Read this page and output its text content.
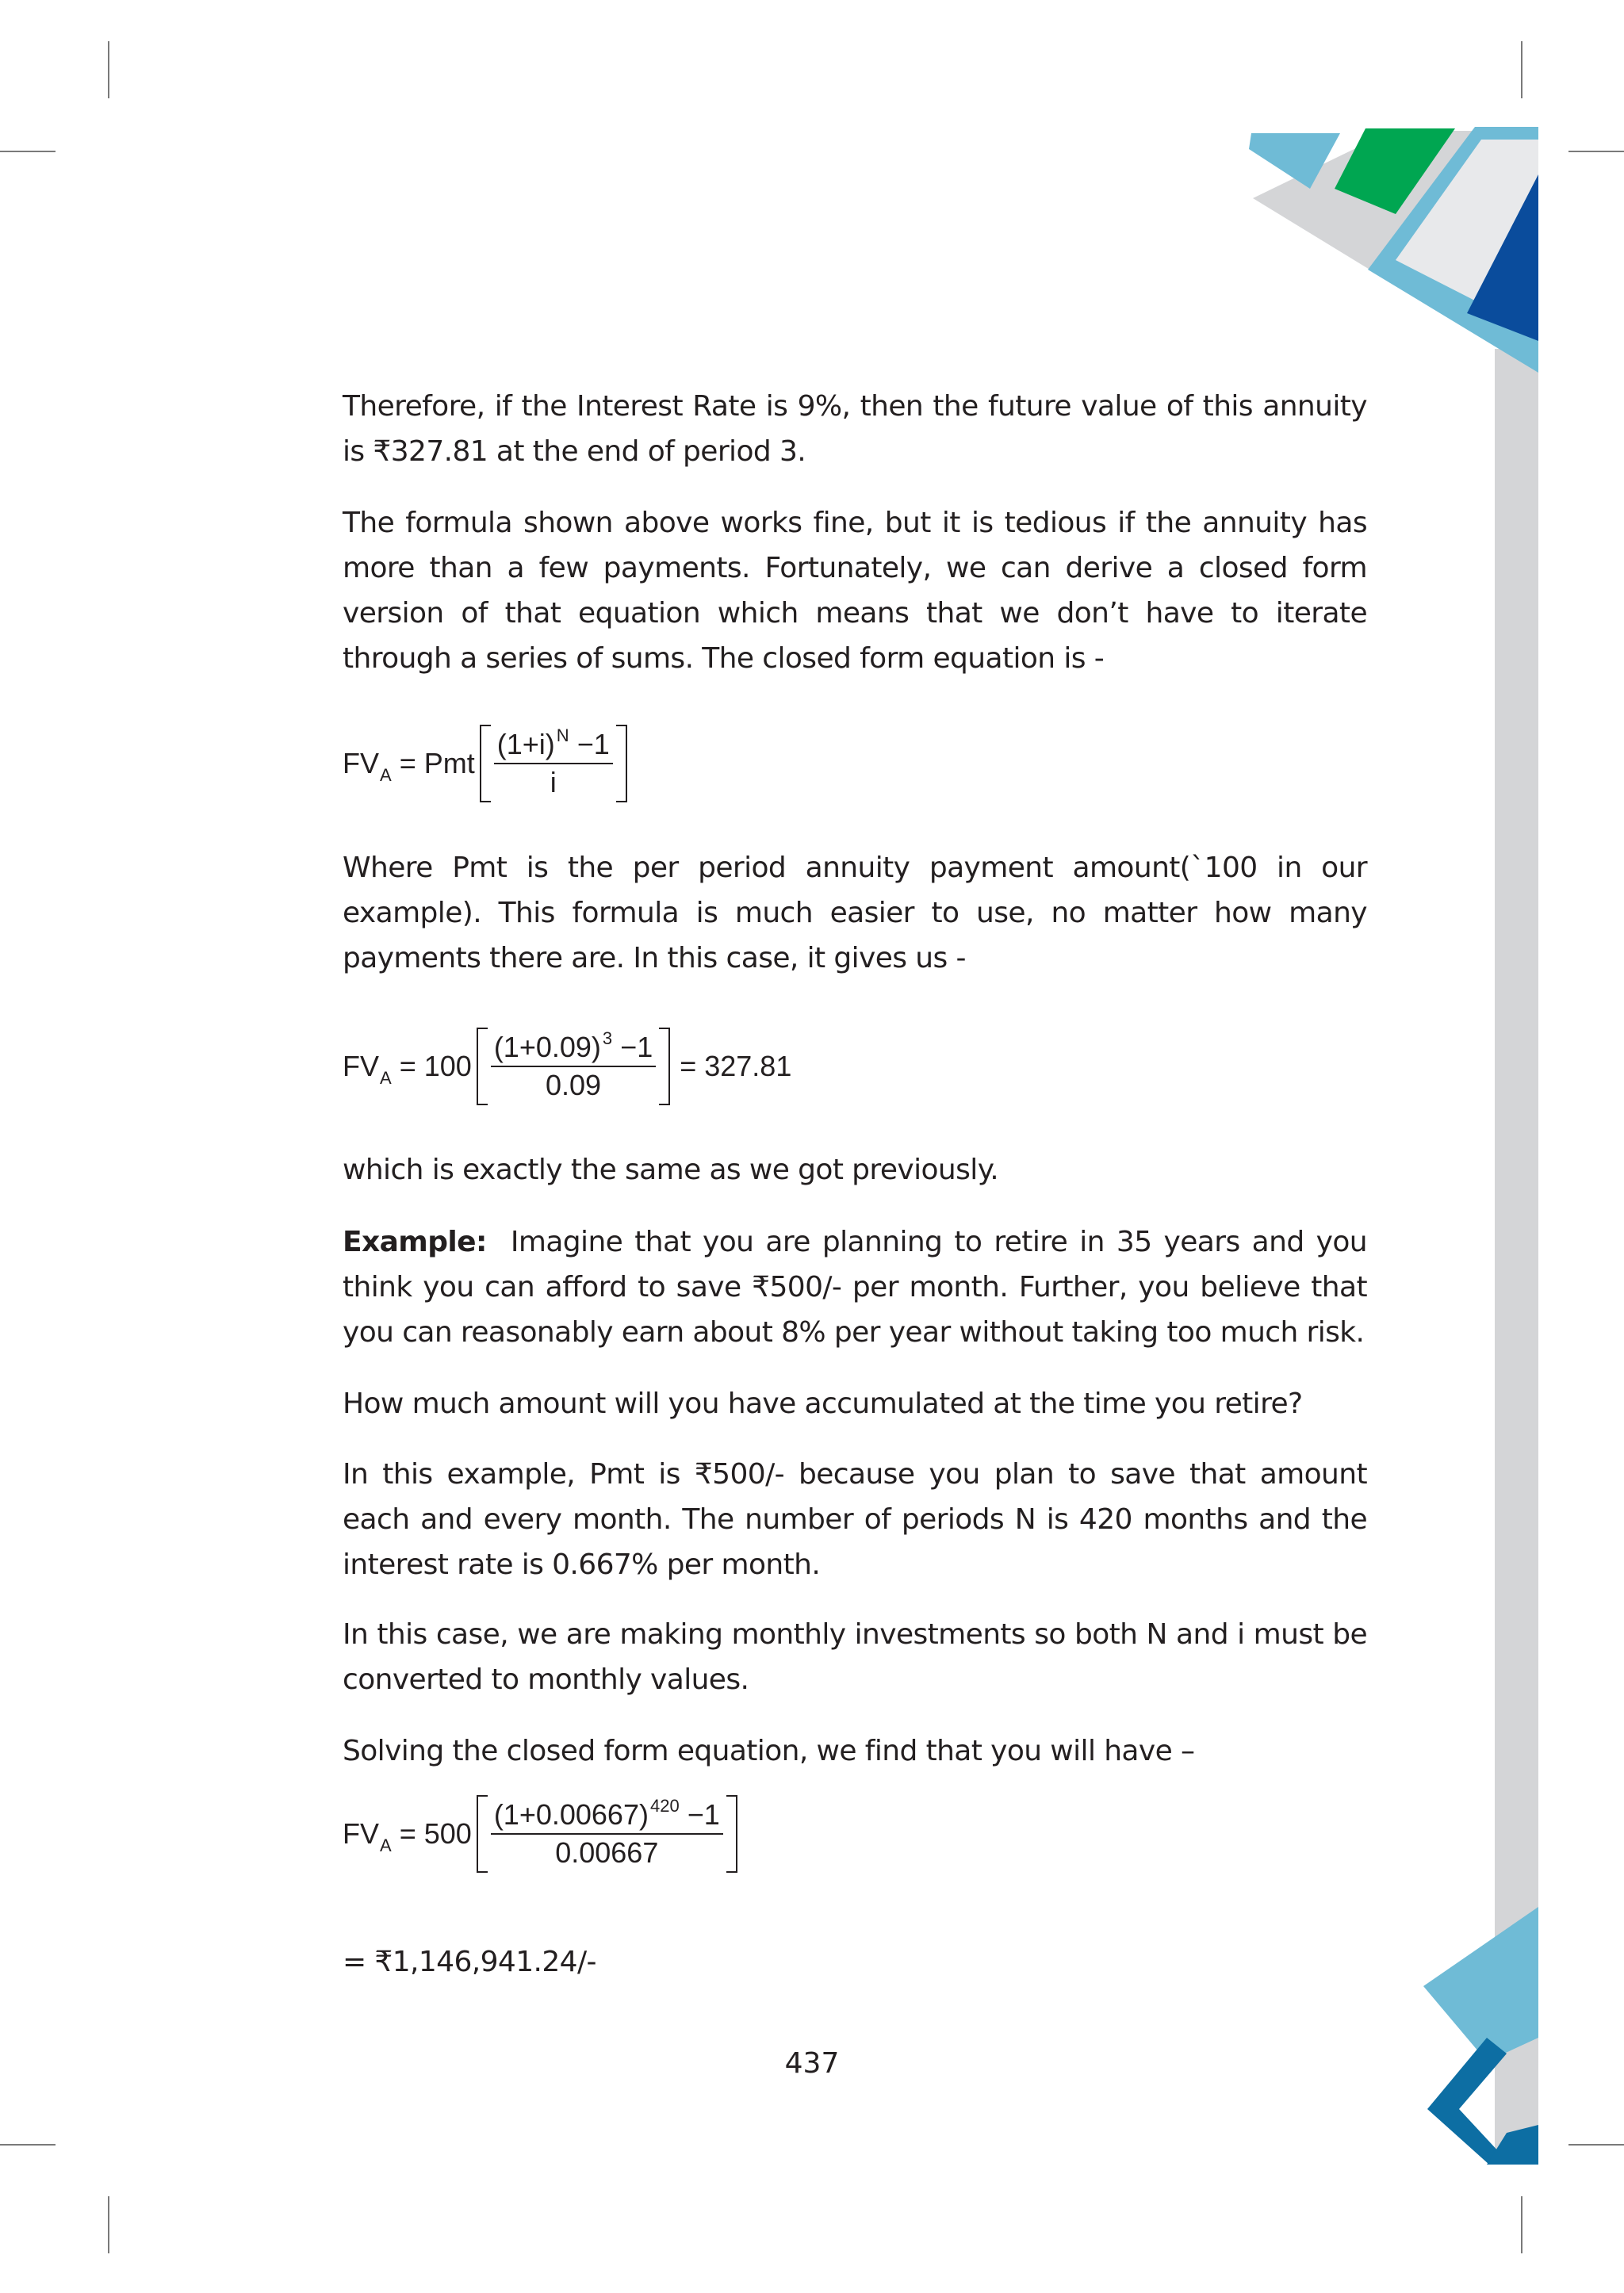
Therefore, if the Interest Rate is 9%, then the future value of this annuity is ₹327.81 at the end of period 3.

The formula shown above works fine, but it is tedious if the annuity has more than a few payments. Fortunately, we can derive a closed form version of that equation which means that we don’t have to iterate through a series of sums. The closed form equation is -

FV A = Pmt $\frac{(1+i)^N -1}{i}$

Where Pmt is the per period annuity payment amount(`100 in our example). This formula is much easier to use, no matter how many payments there are. In this case, it gives us -

FV $A = 100 \frac{(1+0.09)^3 -1}{0.09} = 327.81$

which is exactly the same as we got previously.

Example: Imagine that you are planning to retire in 35 years and you think you can afford to save ₹500/- per month. Further, you believe that you can reasonably earn about 8% per year without taking too much risk.

How much amount will you have accumulated at the time you retire?

In this example, Pmt is ₹500/- because you plan to save that amount each and every month. The number of periods N is 420 months and the interest rate is 0.667% per month.

In this case, we are making monthly investments so both N and i must be converted to monthly values.

Solving the closed form equation, we find that you will have –

FV $A = 500 \frac{(1+0.00667)^{420} -1}{0.00667}$

= ₹1,146,941.24/-

437
